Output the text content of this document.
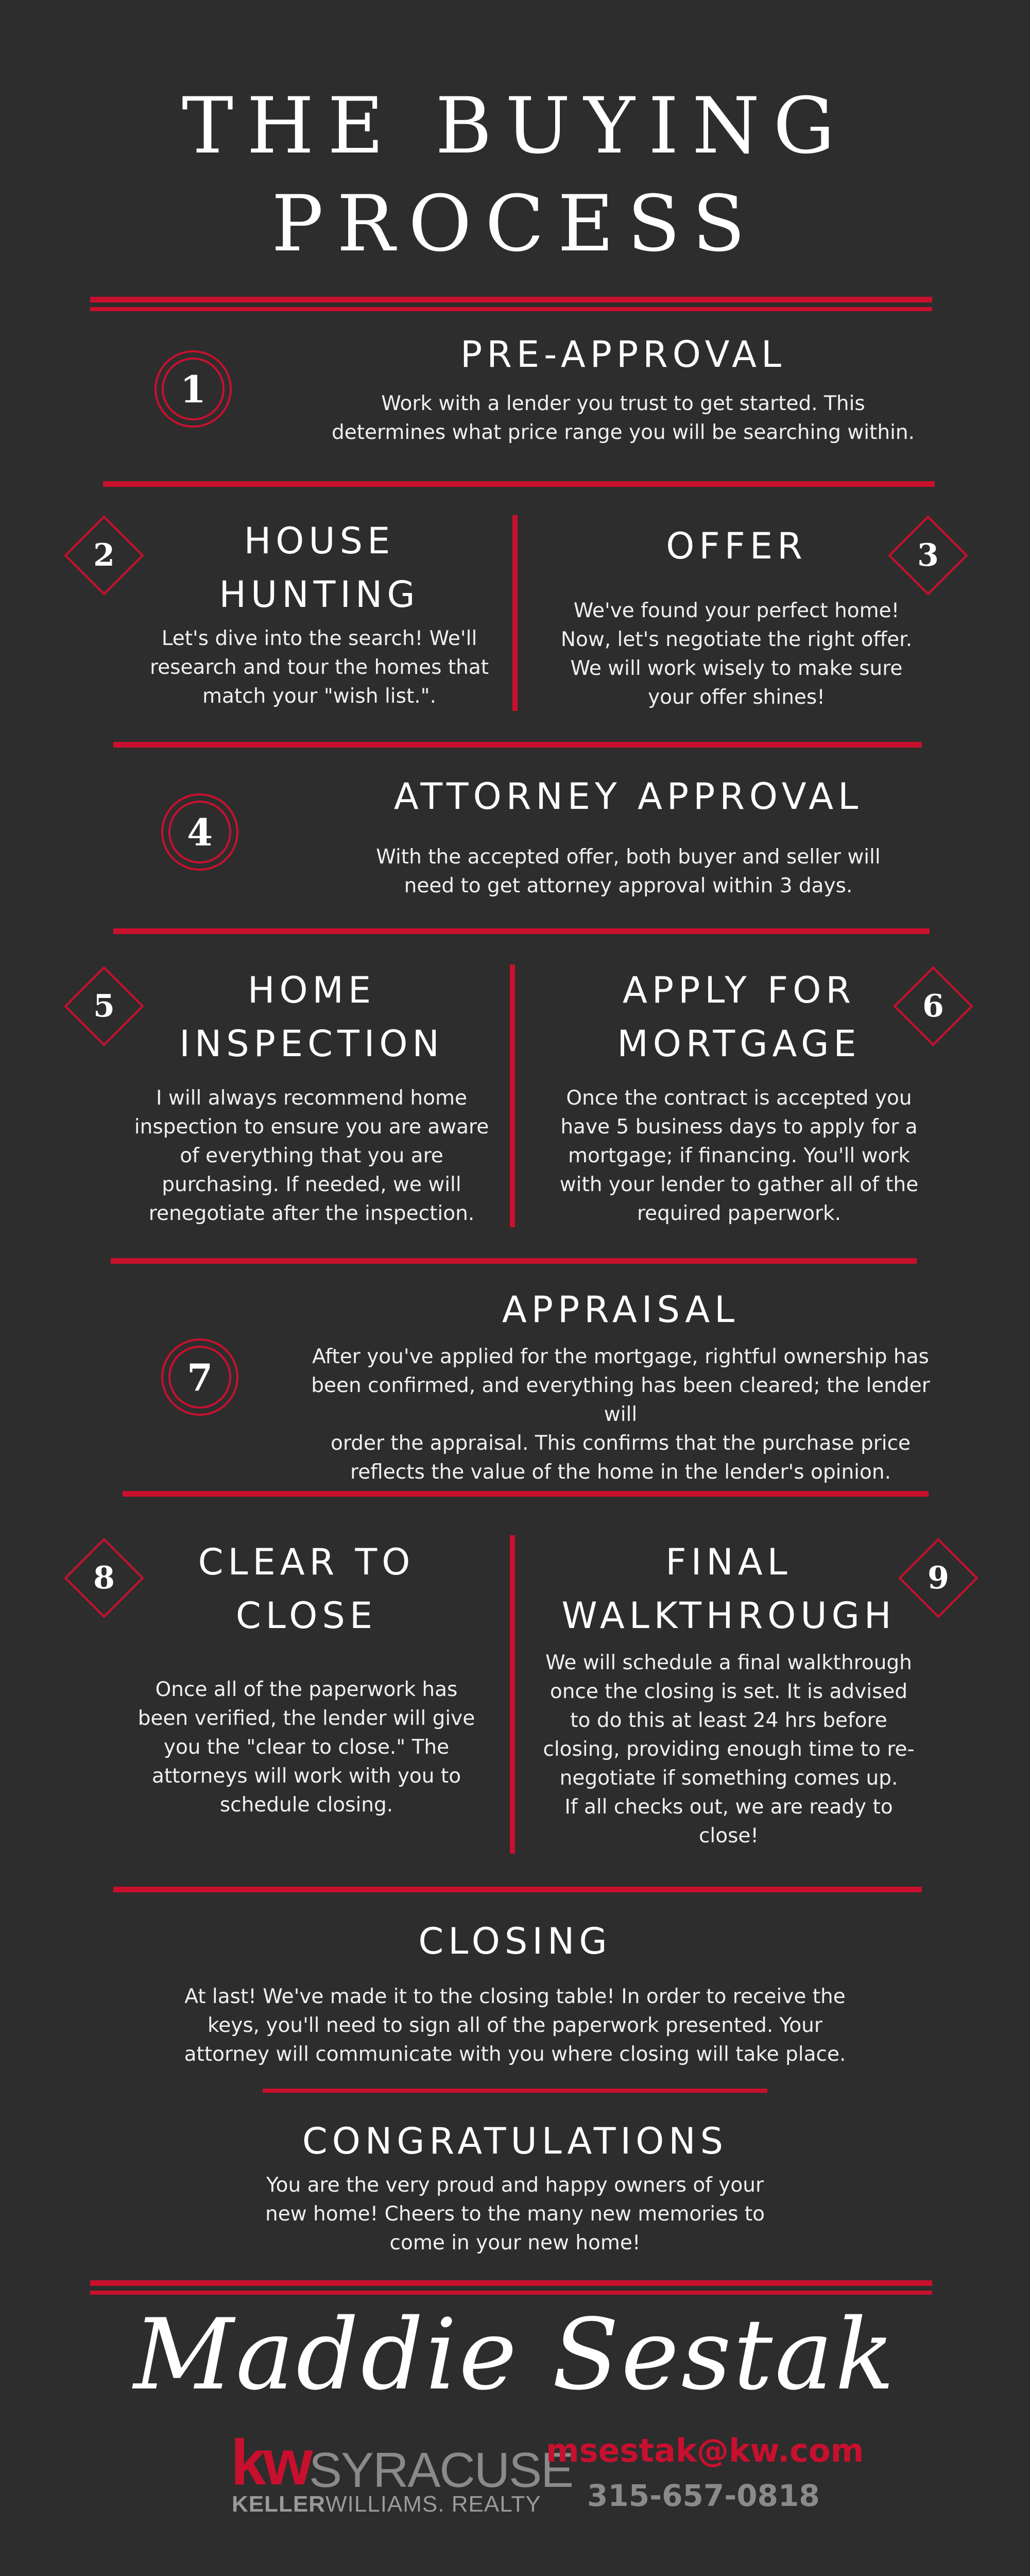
THE BUYING
PROCESS
1
PRE-APPROVAL
Work with a lender you trust to get started. This
determines what price range you will be searching within.
2	HOUSE
HUNTING
Let's dive into the search! We'll
research and tour the homes that
match your "wish list.".
OFFER
We've found your perfect home!
Now, let's negotiate the right offer.
We will work wisely to make sure
your offer shines!
3
4
ATTORNEY APPROVAL
With the accepted offer, both buyer and seller will
need to get attorney approval within 3 days.
5	HOME
INSPECTION
I will always recommend home
inspection to ensure you are aware
of everything that you are
purchasing. If needed, we will
renegotiate after the inspection.
APPLY FOR
MORTGAGE
Once the contract is accepted you
have 5 business days to apply for a
mortgage; if financing. You'll work
with your lender to gather all of the
required paperwork.
6
7
APPRAISAL
After you've applied for the mortgage, rightful ownership has
been confirmed, and everything has been cleared; the lender will
order the appraisal. This confirms that the purchase price
reflects the value of the home in the lender's opinion.
8	CLEAR TO
CLOSE
Once all of the paperwork has
been verified, the lender will give
you the "clear to close." The
attorneys will work with you to
schedule closing.
FINAL
WALKTHROUGH
We will schedule a final walkthrough
once the closing is set. It is advised
to do this at least 24 hrs before
closing, providing enough time to re-
negotiate if something comes up.
If all checks out, we are ready to
close!
9
CLOSING
At last! We've made it to the closing table! In order to receive the
keys, you'll need to sign all of the paperwork presented. Your
attorney will communicate with you where closing will take place.
CONGRATULATIONS
You are the very proud and happy owners of your
new home! Cheers to the many new memories to
come in your new home!
Maddie Sestak
kw
SYRACUSE
KELLERWILLIAMS. REALTY
msestak@kw.com
315-657-0818
